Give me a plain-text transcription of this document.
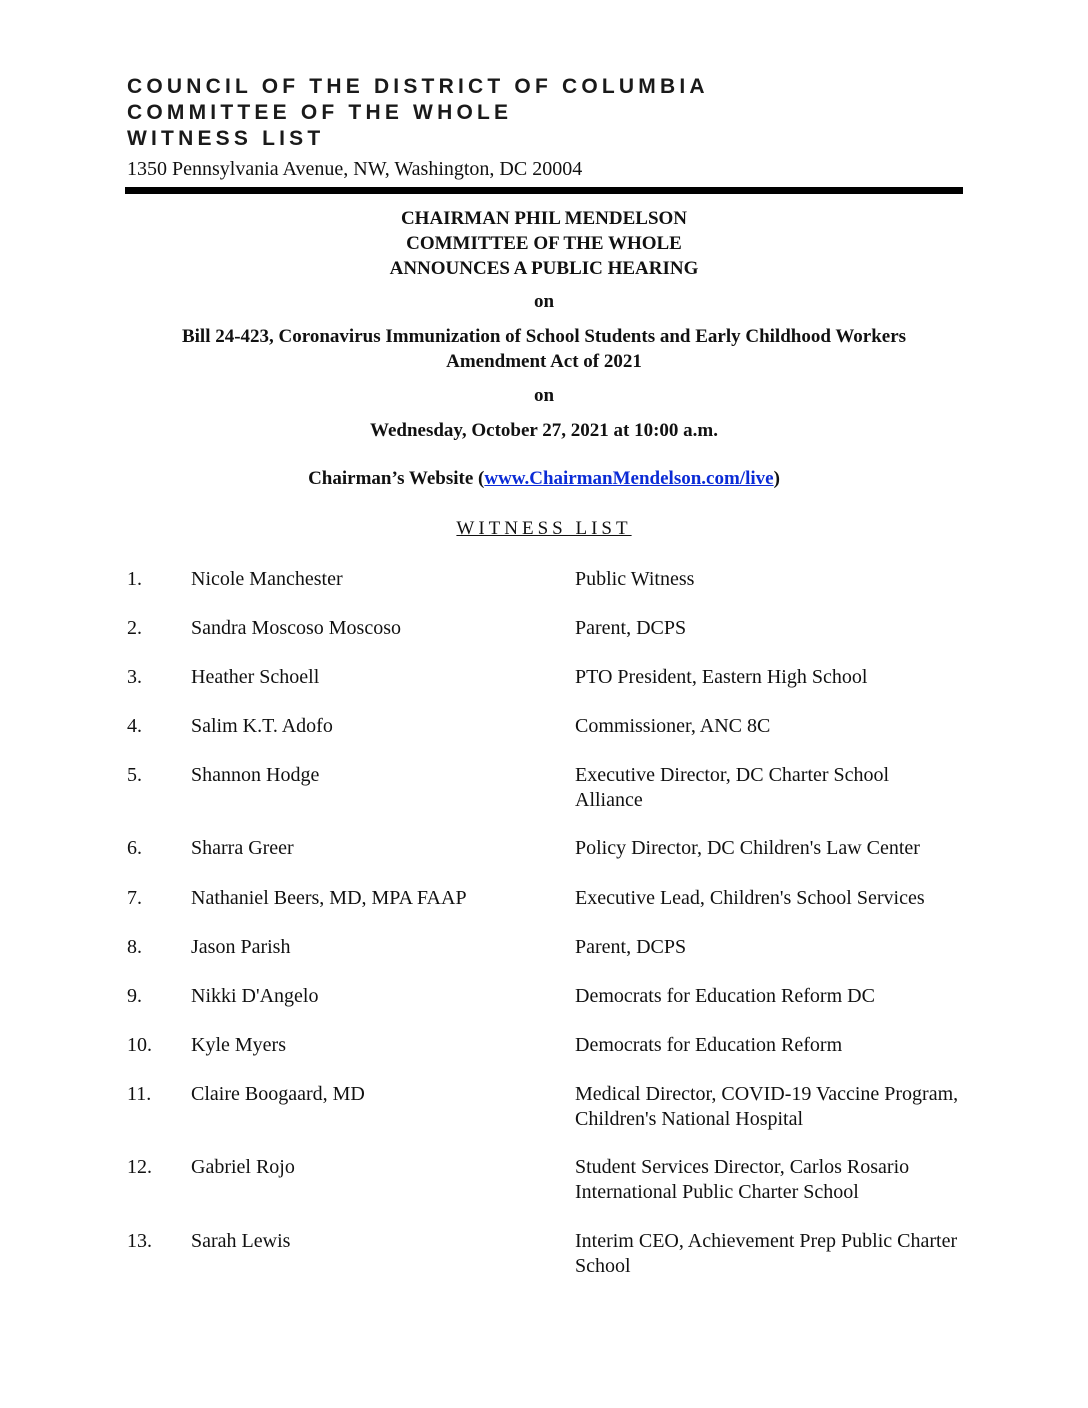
COUNCIL OF THE DISTRICT OF COLUMBIA
COMMITTEE OF THE WHOLE
WITNESS LIST
1350 Pennsylvania Avenue, NW, Washington, DC 20004
CHAIRMAN PHIL MENDELSON
COMMITTEE OF THE WHOLE
ANNOUNCES A PUBLIC HEARING
on
Bill 24-423, Coronavirus Immunization of School Students and Early Childhood Workers
Amendment Act of 2021
on
Wednesday, October 27, 2021 at 10:00 a.m.
Chairman’s Website (www.ChairmanMendelson.com/live)
WITNESS LIST
1. Nicole Manchester	Public Witness
2. Sandra Moscoso Moscoso	Parent, DCPS
3. Heather Schoell	PTO President, Eastern High School
4. Salim K.T. Adofo	Commissioner, ANC 8C
5. Shannon Hodge	Executive Director, DC Charter School Alliance
6. Sharra Greer	Policy Director, DC Children's Law Center
7. Nathaniel Beers, MD, MPA FAAP	Executive Lead, Children's School Services
8. Jason Parish	Parent, DCPS
9. Nikki D'Angelo	Democrats for Education Reform DC
10. Kyle Myers	Democrats for Education Reform
11. Claire Boogaard, MD	Medical Director, COVID-19 Vaccine Program, Children's National Hospital
12. Gabriel Rojo	Student Services Director, Carlos Rosario International Public Charter School
13. Sarah Lewis	Interim CEO, Achievement Prep Public Charter School
